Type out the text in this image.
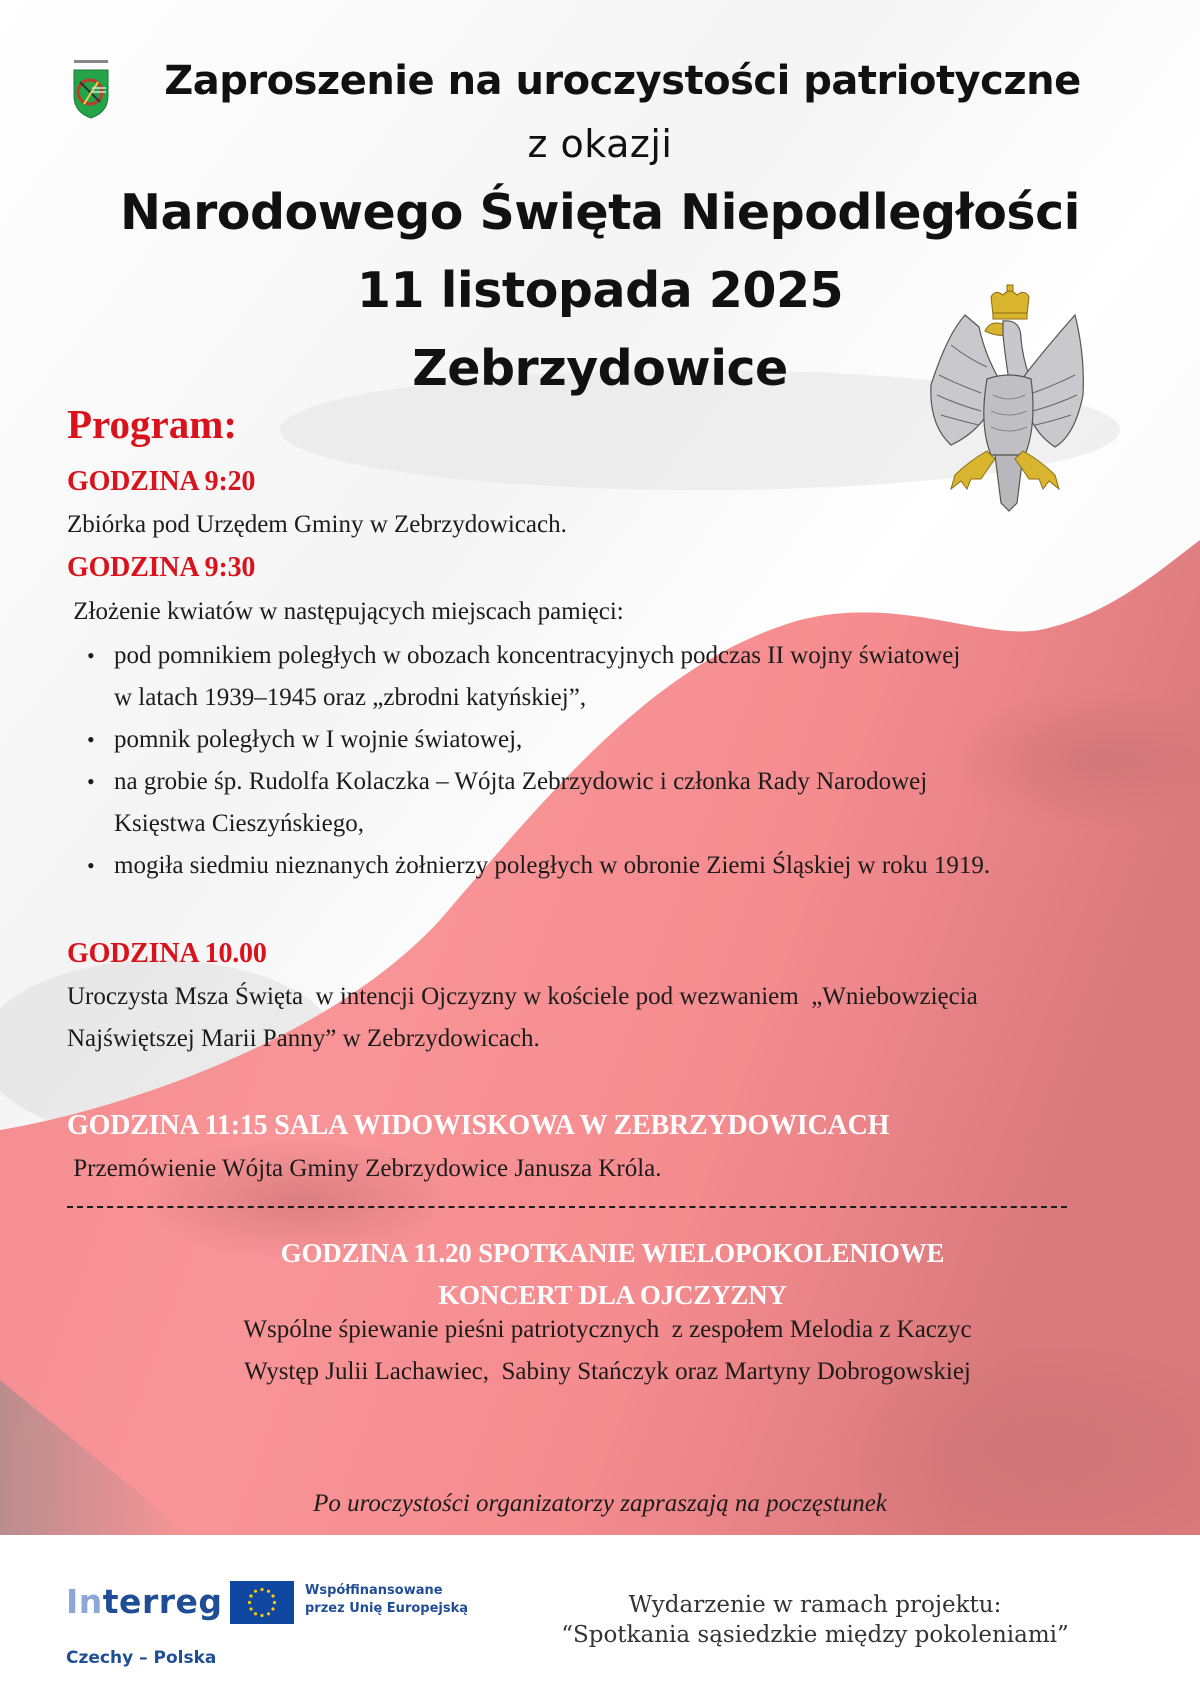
Zaproszenie na uroczystości patriotyczne
z okazji
Narodowego Święta Niepodległości
11 listopada 2025
Zebrzydowice
Program:
GODZINA 9:20
Zbiórka pod Urzędem Gminy w Zebrzydowicach.
GODZINA 9:30
Złożenie kwiatów w następujących miejscach pamięci:
• pod pomnikiem poległych w obozach koncentracyjnych podczas II wojny światowej
w latach 1939–1945 oraz „zbrodni katyńskiej”,
• pomnik poległych w I wojnie światowej,
• na grobie śp. Rudolfa Kolaczka – Wójta Zebrzydowic i członka Rady Narodowej
Księstwa Cieszyńskiego,
• mogiła siedmiu nieznanych żołnierzy poległych w obronie Ziemi Śląskiej w roku 1919.
GODZINA 10.00
Uroczysta Msza Święta  w intencji Ojczyzny w kościele pod wezwaniem  „Wniebowzięcia
Najświętszej Marii Panny” w Zebrzydowicach.
GODZINA 11:15 SALA WIDOWISKOWA W ZEBRZYDOWICACH
Przemówienie Wójta Gminy Zebrzydowice Janusza Króla.
GODZINA 11.20 SPOTKANIE WIELOPOKOLENIOWE
KONCERT DLA OJCZYZNY
Wspólne śpiewanie pieśni patriotycznych  z zespołem Melodia z Kaczyc
Występ Julii Lachawiec,  Sabiny Stańczyk oraz Martyny Dobrogowskiej
Po uroczystości organizatorzy zapraszają na poczęstunek
Interreg	Współfinansowane
przez Unię Europejską
Czechy – Polska
Wydarzenie w ramach projektu:
“Spotkania sąsiedzkie między pokoleniami”
